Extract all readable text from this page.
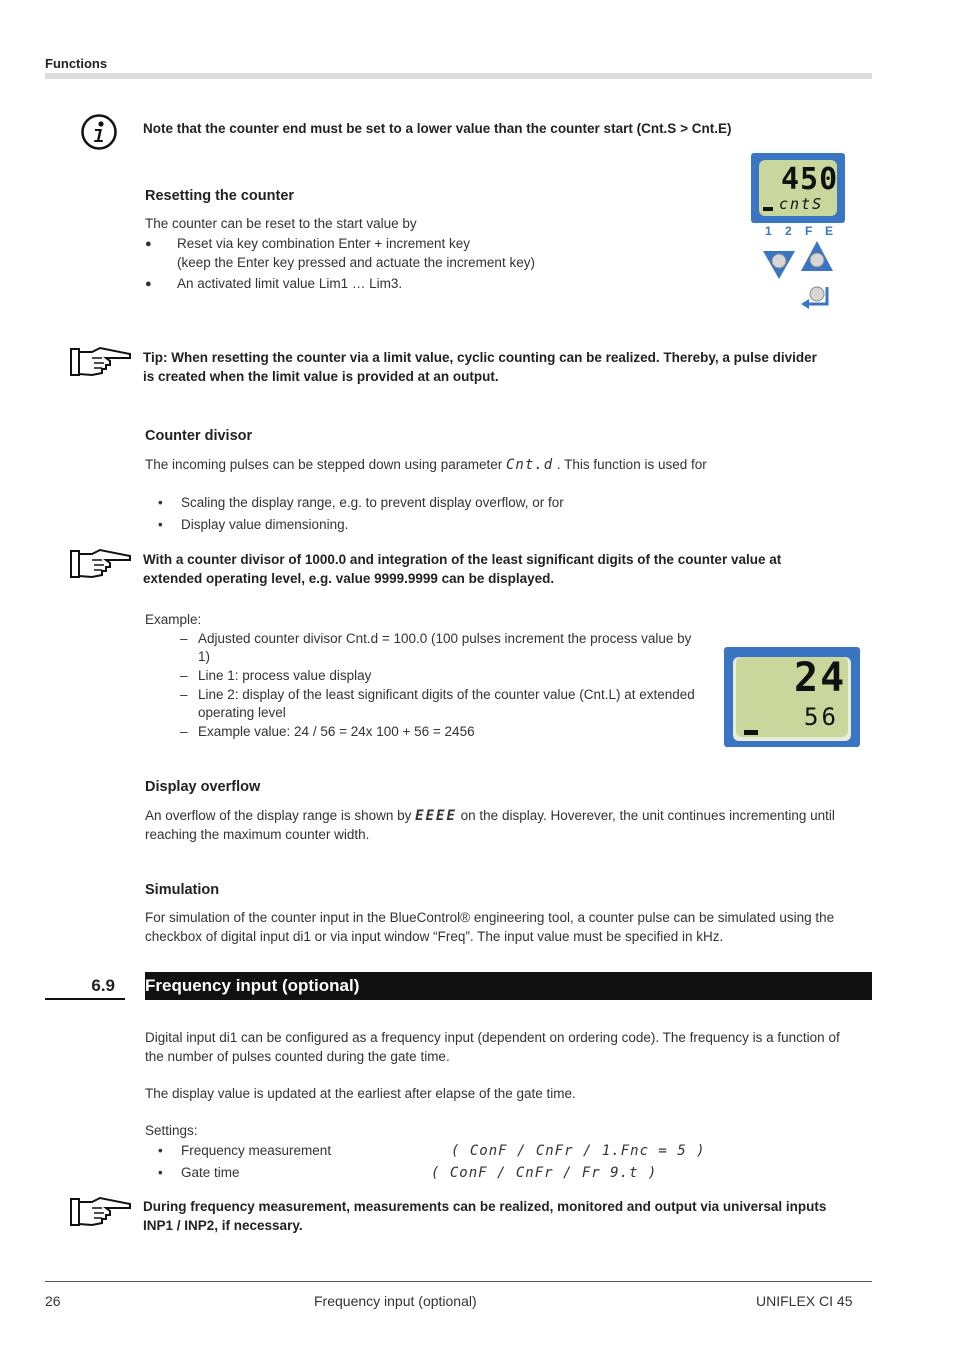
Functions
Note that the counter end must be set to a lower value than the counter start (Cnt.S > Cnt.E)
Resetting the counter
The counter can be reset to the start value by
● Reset via key combination Enter + increment key
(keep the Enter key pressed and actuate the increment key)
● An activated limit value Lim1 … Lim3.
450
cntS
1 2 F E
Tip: When resetting the counter via a limit value, cyclic counting can be realized. Thereby, a pulse divider
is created when the limit value is provided at an output.
Counter divisor
The incoming pulses can be stepped down using parameter Cnt.d . This function is used for
• Scaling the display range, e.g. to prevent display overflow, or for
• Display value dimensioning.
With a counter divisor of 1000.0 and integration of the least significant digits of the counter value at
extended operating level, e.g. value 9999.9999 can be displayed.
Example:
– Adjusted counter divisor Cnt.d = 100.0 (100 pulses increment the process value by
1)
– Line 1: process value display
– Line 2: display of the least significant digits of the counter value (Cnt.L) at extended
operating level
– Example value: 24 / 56 = 24x 100 + 56 = 2456
24
56
Display overflow
An overflow of the display range is shown by EEEE on the display. Hoverever, the unit continues incrementing until
reaching the maximum counter width.
Simulation
For simulation of the counter input in the BlueControl® engineering tool, a counter pulse can be simulated using the
checkbox of digital input di1 or via input window “Freq”. The input value must be specified in kHz.
6.9	Frequency input (optional)
Digital input di1 can be configured as a frequency input (dependent on ordering code). The frequency is a function of
the number of pulses counted during the gate time.
The display value is updated at the earliest after elapse of the gate time.
Settings:
• Frequency measurement	( ConF / CnFr / 1.Fnc = 5 )
• Gate time	( ConF / CnFr / Fr 9.t )
During frequency measurement, measurements can be realized, monitored and output via universal inputs
INP1 / INP2, if necessary.
26	Frequency input (optional)	UNIFLEX CI 45
